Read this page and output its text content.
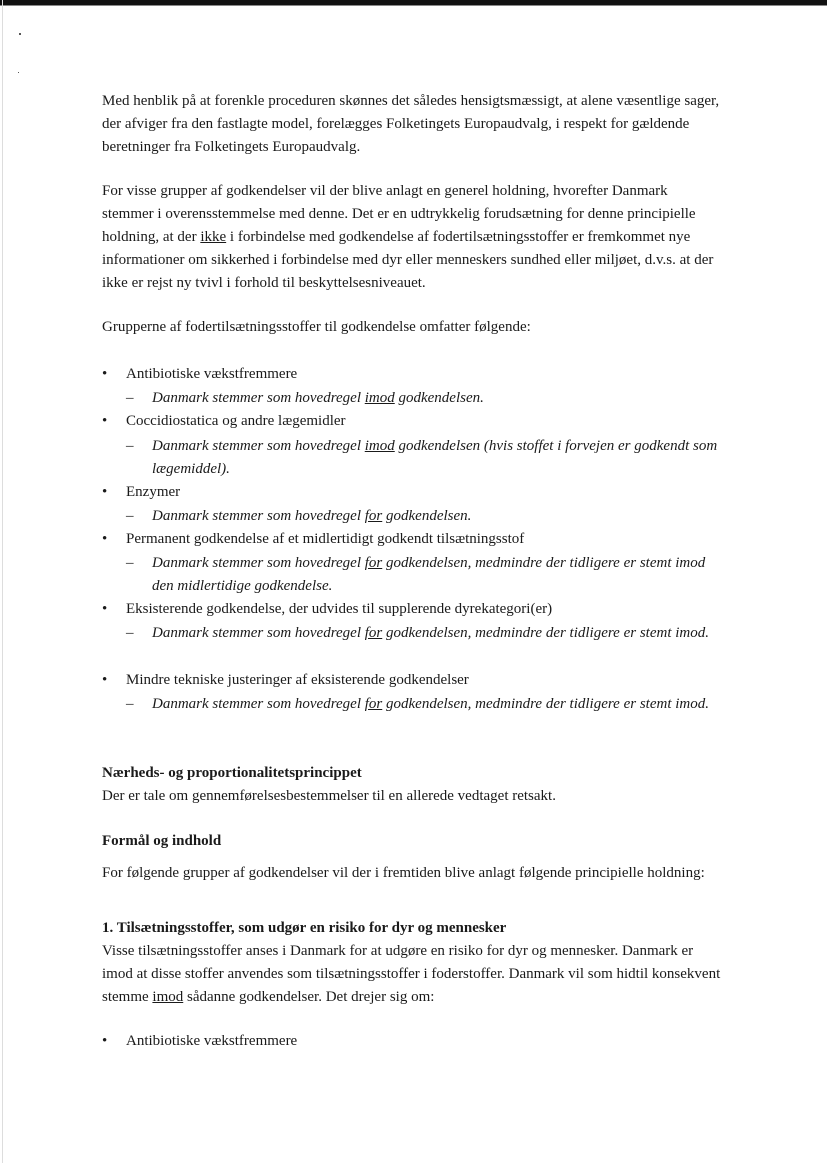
Med henblik på at forenkle proceduren skønnes det således hensigtsmæssigt, at alene væsentlige sager, der afviger fra den fastlagte model, forelægges Folketingets Europaudvalg, i respekt for gældende beretninger fra Folketingets Europaudvalg.

For visse grupper af godkendelser vil der blive anlagt en generel holdning, hvorefter Danmark stemmer i overensstemmelse med denne. Det er en udtrykkelig forudsætning for denne principielle holdning, at der ikke i forbindelse med godkendelse af fodertilsætningsstoffer er fremkommet nye informationer om sikkerhed i forbindelse med dyr eller menneskers sundhed eller miljøet, d.v.s. at der ikke er rejst ny tvivl i forhold til beskyttelsesniveauet.

Grupperne af fodertilsætningsstoffer til godkendelse omfatter følgende:

• Antibiotiske vækstfremmere
– Danmark stemmer som hovedregel imod godkendelsen.
• Coccidiostatica og andre lægemidler
– Danmark stemmer som hovedregel imod godkendelsen (hvis stoffet i forvejen er godkendt som lægemiddel).
• Enzymer
– Danmark stemmer som hovedregel for godkendelsen.
• Permanent godkendelse af et midlertidigt godkendt tilsætningsstof
– Danmark stemmer som hovedregel for godkendelsen, medmindre der tidligere er stemt imod den midlertidige godkendelse.
• Eksisterende godkendelse, der udvides til supplerende dyrekategori(er)
– Danmark stemmer som hovedregel for godkendelsen, medmindre der tidligere er stemt imod.
• Mindre tekniske justeringer af eksisterende godkendelser
– Danmark stemmer som hovedregel for godkendelsen, medmindre der tidligere er stemt imod.
Nærheds- og proportionalitetsprincippet

Der er tale om gennemførelsesbestemmelser til en allerede vedtaget retsakt.

Formål og indhold

For følgende grupper af godkendelser vil der i fremtiden blive anlagt følgende principielle holdning:

1. Tilsætningsstoffer, som udgør en risiko for dyr og mennesker

Visse tilsætningsstoffer anses i Danmark for at udgøre en risiko for dyr og mennesker. Danmark er imod at disse stoffer anvendes som tilsætningsstoffer i foderstoffer. Danmark vil som hidtil konsekvent stemme imod sådanne godkendelser. Det drejer sig om:

• Antibiotiske vækstfremmere
